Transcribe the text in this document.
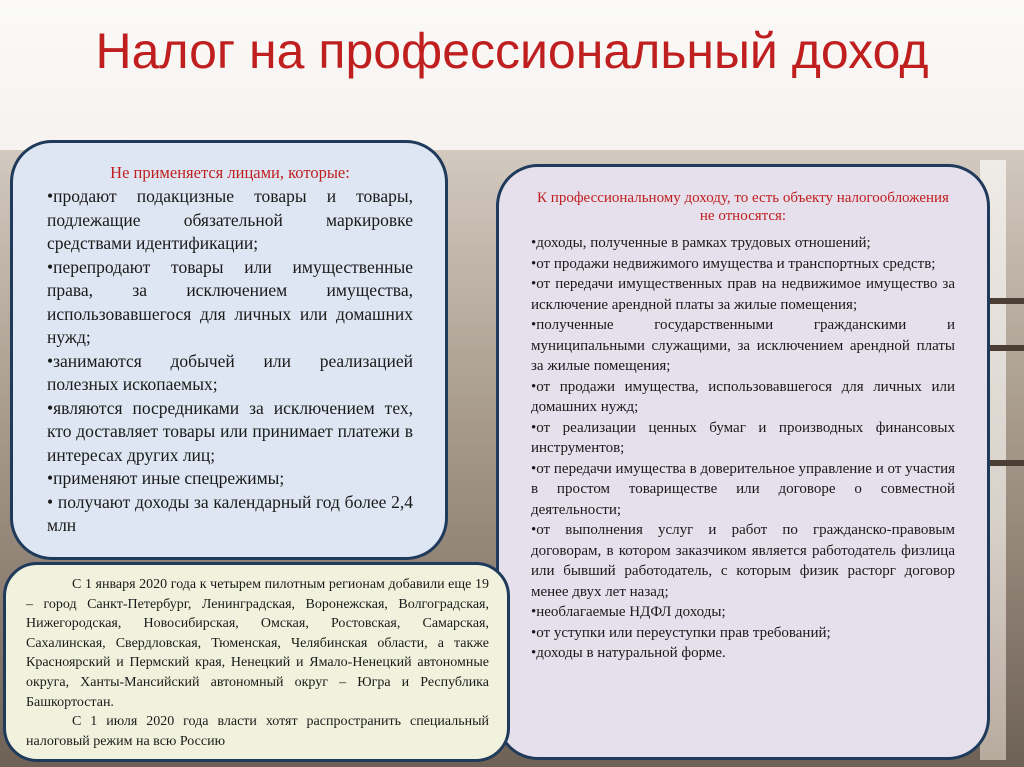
Налог на профессиональный доход
Не применяется лицами, которые:
•продают подакцизные товары и товары, подлежащие обязательной маркировке средствами идентификации;
•перепродают товары или имущественные права, за исключением имущества, использовавшегося для личных или домашних нужд;
•занимаются добычей или реализацией полезных ископаемых;
•являются посредниками за исключением тех, кто доставляет товары или принимает платежи в интересах других лиц;
•применяют иные спецрежимы;
• получают доходы за календарный год более 2,4 млн
К профессиональному доходу, то есть объекту налогообложения не относятся:
•доходы, полученные в рамках трудовых отношений;
•от продажи недвижимого имущества и транспортных средств;
•от передачи имущественных прав на недвижимое имущество за исключение арендной платы за жилые помещения;
•полученные государственными гражданскими и муниципальными служащими, за исключением арендной платы за жилые помещения;
•от продажи имущества, использовавшегося для личных или домашних нужд;
•от реализации ценных бумаг и производных финансовых инструментов;
•от передачи имущества в доверительное управление и от участия в простом товариществе или договоре о совместной деятельности;
•от выполнения услуг и работ по гражданско-правовым договорам, в котором заказчиком является работодатель физлица или бывший работодатель, с которым физик расторг договор менее двух лет назад;
•необлагаемые НДФЛ доходы;
•от уступки или переуступки прав требований;
•доходы в натуральной форме.

С 1 января 2020 года к четырем пилотным регионам добавили еще 19 – город Санкт-Петербург, Ленинградская, Воронежская, Волгоградская, Нижегородская, Новосибирская, Омская, Ростовская, Самарская, Сахалинская, Свердловская, Тюменская, Челябинская области, а также Красноярский и Пермский края, Ненецкий и Ямало-Ненецкий автономные округа, Ханты-Мансийский автономный округ – Югра и Республика Башкортостан.

С 1 июля 2020 года власти хотят распространить специальный налоговый режим на всю Россию
